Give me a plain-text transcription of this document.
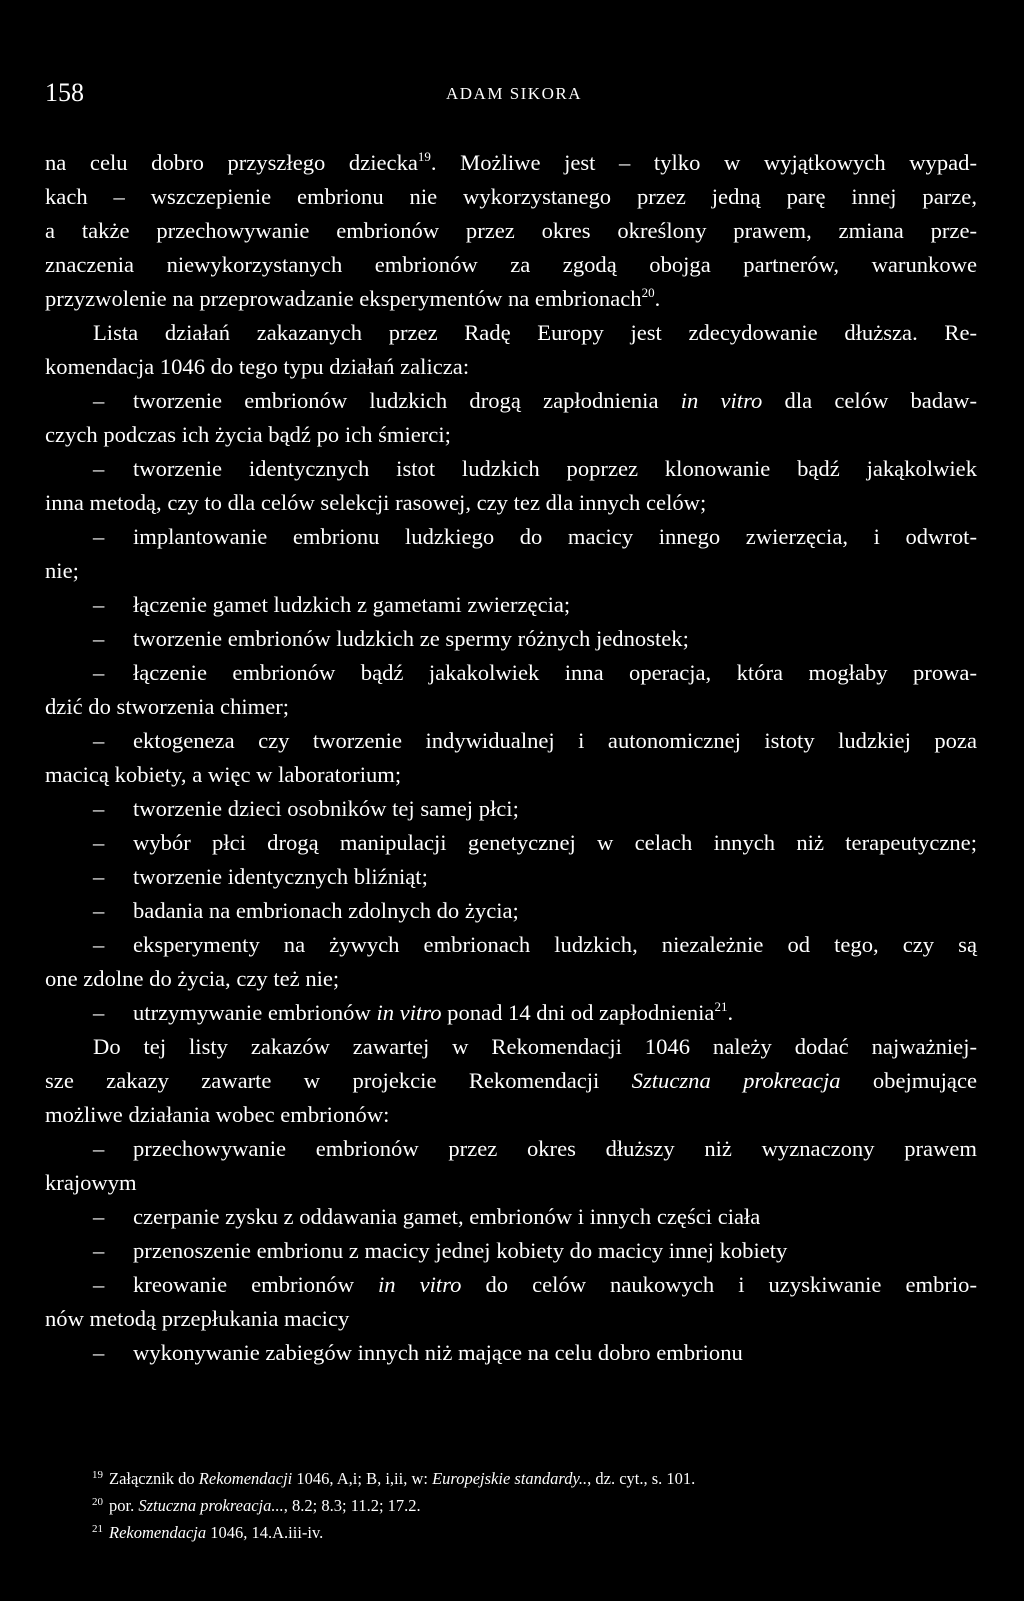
158	ADAM SIKORA
na celu dobro przyszłego dziecka$^{19}$. Możliwe jest – tylko w wyjątkowych wypad-
kach – wszczepienie embrionu nie wykorzystanego przez jedną parę innej parze,
a także przechowywanie embrionów przez okres określony prawem, zmiana prze-
znaczenia niewykorzystanych embrionów za zgodą obojga partnerów, warunkowe
przyzwolenie na przeprowadzanie eksperymentów na embrionach$^{20}$.
Lista działań zakazanych przez Radę Europy jest zdecydowanie dłuższa. Re-
komendacja 1046 do tego typu działań zalicza:
– tworzenie embrionów ludzkich drogą zapłodnienia in vitro dla celów badaw-
czych podczas ich życia bądź po ich śmierci;
– tworzenie identycznych istot ludzkich poprzez klonowanie bądź jakąkolwiek
inna metodą, czy to dla celów selekcji rasowej, czy tez dla innych celów;
– implantowanie embrionu ludzkiego do macicy innego zwierzęcia, i odwrot-
nie;
– łączenie gamet ludzkich z gametami zwierzęcia;
– tworzenie embrionów ludzkich ze spermy różnych jednostek;
– łączenie embrionów bądź jakakolwiek inna operacja, która mogłaby prowa-
dzić do stworzenia chimer;
– ektogeneza czy tworzenie indywidualnej i autonomicznej istoty ludzkiej poza
macicą kobiety, a więc w laboratorium;
– tworzenie dzieci osobników tej samej płci;
– wybór płci drogą manipulacji genetycznej w celach innych niż terapeutyczne;
– tworzenie identycznych bliźniąt;
– badania na embrionach zdolnych do życia;
– eksperymenty na żywych embrionach ludzkich, niezależnie od tego, czy są
one zdolne do życia, czy też nie;
– utrzymywanie embrionów in vitro ponad 14 dni od zapłodnienia$^{21}$.
Do tej listy zakazów zawartej w Rekomendacji 1046 należy dodać najważniej-
sze zakazy zawarte w projekcie Rekomendacji Sztuczna prokreacja obejmujące
możliwe działania wobec embrionów:
– przechowywanie embrionów przez okres dłuższy niż wyznaczony prawem
krajowym
– czerpanie zysku z oddawania gamet, embrionów i innych części ciała
– przenoszenie embrionu z macicy jednej kobiety do macicy innej kobiety
– kreowanie embrionów in vitro do celów naukowych i uzyskiwanie embrio-
nów metodą przepłukania macicy
– wykonywanie zabiegów innych niż mające na celu dobro embrionu
$^{19}$ Załącznik do Rekomendacji 1046, A,i; B, i,ii, w: Europejskie standardy.., dz. cyt., s. 101.
$^{20}$ por. Sztuczna prokreacja..., 8.2; 8.3; 11.2; 17.2.
$^{21}$ Rekomendacja 1046, 14.A.iii-iv.
